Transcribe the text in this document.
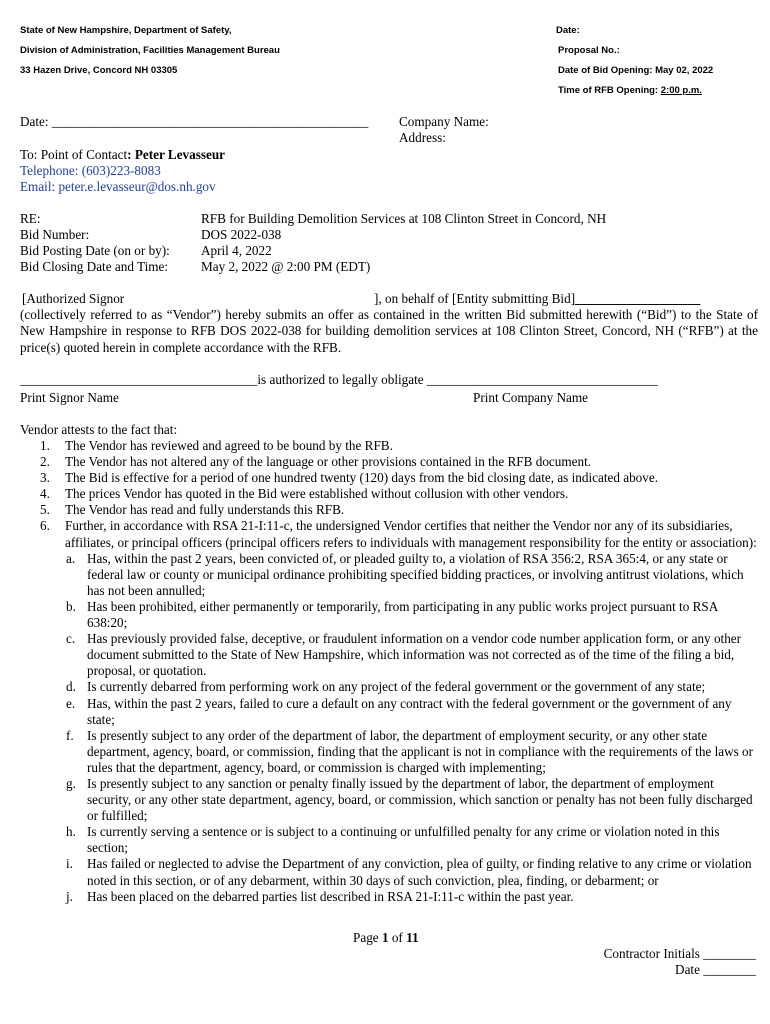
State of New Hampshire, Department of Safety,
Division of Administration, Facilities Management Bureau
33 Hazen Drive, Concord NH 03305
Date:
Proposal No.:
Date of Bid Opening: May 02, 2022
Time of RFB Opening: 2:00 p.m.
Date: ________________________________________________ Company Name:
Address:
To: Point of Contact: Peter Levasseur
Telephone: (603)223-8083
Email: peter.e.levasseur@dos.nh.gov
RE:
Bid Number:
Bid Posting Date (on or by):
Bid Closing Date and Time:
RFB for Building Demolition Services at 108 Clinton Street in Concord, NH
DOS 2022-038
April 4, 2022
May 2, 2022 @ 2:00 PM (EDT)
[Authorized Signor	], on behalf of [Entity submitting Bid]___________________
(collectively referred to as “Vendor”) hereby submits an offer as contained in the written Bid submitted herewith (“Bid”) to the State of New Hampshire in response to RFB DOS 2022-038 for building demolition services at 108 Clinton Street, Concord, NH (“RFB”) at the price(s) quoted herein in complete accordance with the RFB.
____________________________________is authorized to legally obligate ___________________________________
Print Signor Name	Print Company Name
Vendor attests to the fact that:
1. The Vendor has reviewed and agreed to be bound by the RFB.
2. The Vendor has not altered any of the language or other provisions contained in the RFB document.
3. The Bid is effective for a period of one hundred twenty (120) days from the bid closing date, as indicated above.
4. The prices Vendor has quoted in the Bid were established without collusion with other vendors.
5. The Vendor has read and fully understands this RFB.
6. Further, in accordance with RSA 21-I:11-c, the undersigned Vendor certifies that neither the Vendor nor any of its subsidiaries, affiliates, or principal officers (principal officers refers to individuals with management responsibility for the entity or association):
a. Has, within the past 2 years, been convicted of, or pleaded guilty to, a violation of RSA 356:2, RSA 365:4, or any state or federal law or county or municipal ordinance prohibiting specified bidding practices, or involving antitrust violations, which has not been annulled;
b. Has been prohibited, either permanently or temporarily, from participating in any public works project pursuant to RSA 638:20;
c. Has previously provided false, deceptive, or fraudulent information on a vendor code number application form, or any other document submitted to the State of New Hampshire, which information was not corrected as of the time of the filing a bid, proposal, or quotation.
d. Is currently debarred from performing work on any project of the federal government or the government of any state;
e. Has, within the past 2 years, failed to cure a default on any contract with the federal government or the government of any state;
f. Is presently subject to any order of the department of labor, the department of employment security, or any other state department, agency, board, or commission, finding that the applicant is not in compliance with the requirements of the laws or rules that the department, agency, board, or commission is charged with implementing;
g. Is presently subject to any sanction or penalty finally issued by the department of labor, the department of employment security, or any other state department, agency, board, or commission, which sanction or penalty has not been fully discharged or fulfilled;
h. Is currently serving a sentence or is subject to a continuing or unfulfilled penalty for any crime or violation noted in this section;
i. Has failed or neglected to advise the Department of any conviction, plea of guilty, or finding relative to any crime or violation noted in this section, or of any debarment, within 30 days of such conviction, plea, finding, or debarment; or
j. Has been placed on the debarred parties list described in RSA 21-I:11-c within the past year.
Page 1 of 11
Contractor Initials ________
Date ________
